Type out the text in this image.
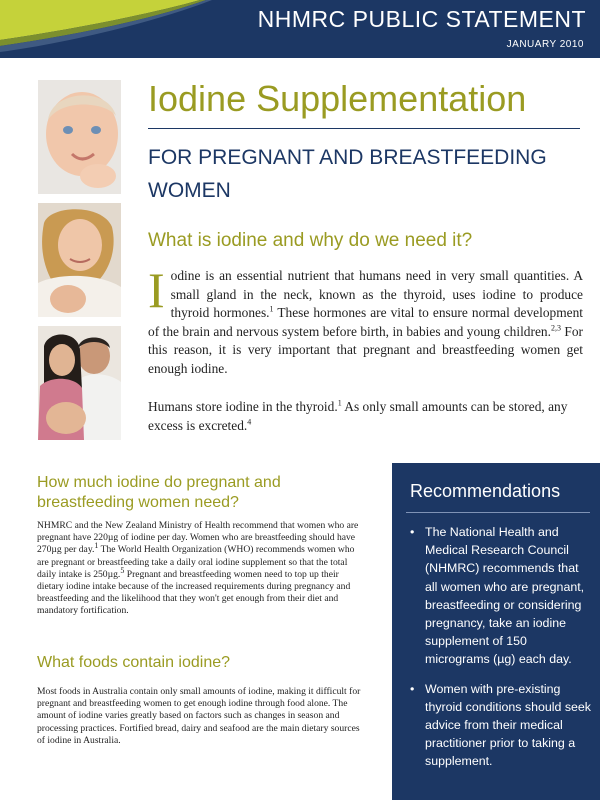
NHMRC PUBLIC STATEMENT
JANUARY 2010
Iodine Supplementation
FOR PREGNANT AND BREASTFEEDING WOMEN
What is iodine and why do we need it?

Iodine is an essential nutrient that humans need in very small quantities. A small gland in the neck, known as the thyroid, uses iodine to produce thyroid hormones.$^1$ These hormones are vital to ensure normal development of the brain and nervous system before birth, in babies and young children.$^{2,3}$ For this reason, it is very important that pregnant and breastfeeding women get enough iodine.

Humans store iodine in the thyroid.$^1$ As only small amounts can be stored, any excess is excreted.$^4$

How much iodine do pregnant and breastfeeding women need?

NHMRC and the New Zealand Ministry of Health recommend that women who are pregnant have 220µg of iodine per day. Women who are breastfeeding should have 270µg per day.$^1$ The World Health Organization (WHO) recommends women who are pregnant or breastfeeding take a daily oral iodine supplement so that the total daily intake is 250µg.$^5$ Pregnant and breastfeeding women need to top up their dietary iodine intake because of the increased requirements during pregnancy and breastfeeding and the likelihood that they won't get enough from their diet and mandatory fortification.

What foods contain iodine?

Most foods in Australia contain only small amounts of iodine, making it difficult for pregnant and breastfeeding women to get enough iodine through food alone. The amount of iodine varies greatly based on factors such as changes in season and processing practices. Fortified bread, dairy and seafood are the main dietary sources of iodine in Australia.

Recommendations
• The National Health and Medical Research Council (NHMRC) recommends that all women who are pregnant, breastfeeding or considering pregnancy, take an iodine supplement of 150 micrograms (µg) each day.
• Women with pre-existing thyroid conditions should seek advice from their medical practitioner prior to taking a supplement.
